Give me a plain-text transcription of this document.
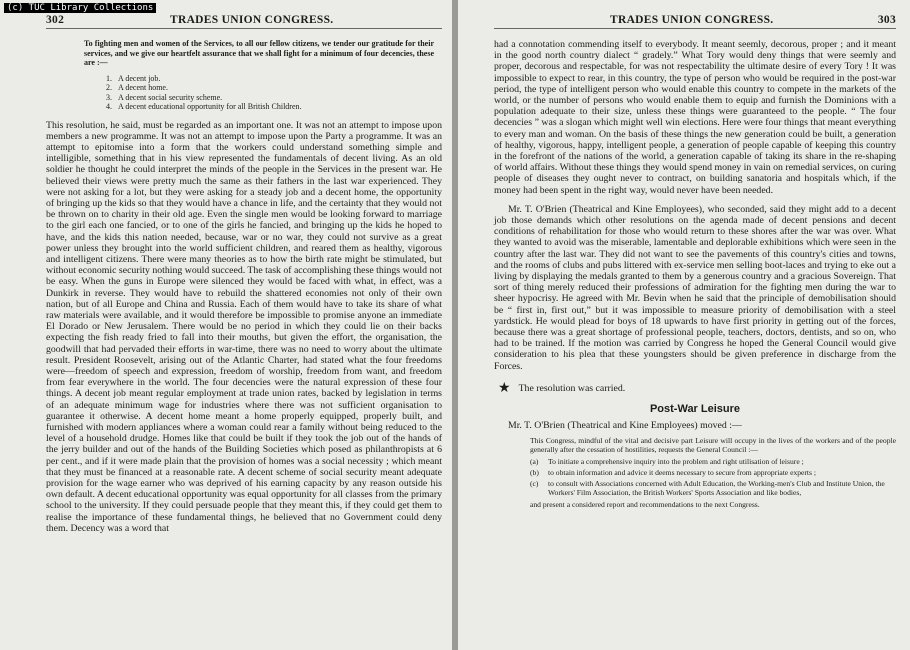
(c) TUC Library Collections
302	TRADES UNION CONGRESS.
To fighting men and women of the Services, to all our fellow citizens, we tender our gratitude for their services, and we give our heartfelt assurance that we shall fight for a minimum of four decencies, these are :—
1. A decent job.
2. A decent home.
3. A decent social security scheme.
4. A decent educational opportunity for all British Children.

This resolution, he said, must be regarded as an important one. It was not an attempt to impose upon members a new programme. It was not an attempt to impose upon the Party a programme. It was an attempt to epitomise into a form that the workers could understand something simple and intelligible, something that in his view represented the fundamentals of decent living. As an old soldier he thought he could interpret the minds of the people in the Services in the present war. He believed their views were pretty much the same as their fathers in the last war experienced. They were not asking for a lot, but they were asking for a steady job and a decent home, the opportunity of bringing up the kids so that they would have a chance in life, and the certainty that they would not be thrown on to charity in their old age. Even the single men would be looking forward to marriage to the girl each one fancied, or to one of the girls he fancied, and bringing up the kids he hoped to have, and the kids this nation needed, because, war or no war, they could not survive as a great power unless they brought into the world sufficient children, and reared them as healthy, vigorous and intelligent citizens. There were many theories as to how the birth rate might be stimulated, but without economic security nothing would succeed. The task of accomplishing these things would not be easy. When the guns in Europe were silenced they would be faced with what, in effect, was a Dunkirk in reverse. They would have to rebuild the shattered economies not only of their own nation, but of all Europe and China and Russia. Each of them would have to take its share of what raw materials were available, and it would therefore be impossible to promise anyone an immediate El Dorado or New Jerusalem. There would be no period in which they could lie on their backs expecting the fish ready fried to fall into their mouths, but given the effort, the organisation, the goodwill that had pervaded their efforts in war-time, there was no need to worry about the ultimate result. President Roosevelt, arising out of the Atlantic Charter, had stated what the four freedoms were—freedom of speech and expression, freedom of worship, freedom from want, and freedom from fear everywhere in the world. The four decencies were the natural expression of these four things. A decent job meant regular employment at trade union rates, backed by legislation in terms of an adequate minimum wage for industries where there was not sufficient organisation to guarantee it otherwise. A decent home meant a home properly equipped, properly built, and furnished with modern appliances where a woman could rear a family without being reduced to the level of a household drudge. Homes like that could be built if they took the job out of the hands of the jerry builder and out of the hands of the Building Societies which posed as philanthropists at 6 per cent., and if it were made plain that the provision of homes was a social necessity ; which meant that they must be financed at a reasonable rate. A decent scheme of social security meant adequate provision for the wage earner who was deprived of his earning capacity by any reason outside his own default. A decent educational opportunity was equal opportunity for all classes from the primary school to the university. If they could persuade people that they meant this, if they could get them to realise the importance of these fundamental things, he believed that no Government could deny them. Decency was a word that

TRADES UNION CONGRESS.	303

had a connotation commending itself to everybody. It meant seemly, decorous, proper ; and it meant in the good north country dialect “ gradely.” What Tory would deny things that were seemly and proper, decorous and respectable, for was not respectability the ultimate desire of every Tory ! It was impossible to expect to rear, in this country, the type of person who would be required in the post-war period, the type of intelligent person who would enable this country to compete in the markets of the world, or the number of persons who would enable them to equip and furnish the Dominions with a population adequate to their size, unless these things were guaranteed to the people. “ The four decencies ” was a slogan which might well win elections. Here were four things that meant everything to every man and woman. On the basis of these things the new generation could be built, a generation of healthy, vigorous, happy, intelligent people, a generation of people capable of keeping this country in the forefront of the nations of the world, a generation capable of taking its share in the re-shaping of world affairs. Without these things they would spend money in vain on remedial services, on curing people of diseases they ought never to contract, on building sanatoria and hospitals which, if the money had been spent in the right way, would never have been needed.

Mr. T. O'Brien (Theatrical and Kine Employees), who seconded, said they might add to a decent job those demands which other resolutions on the agenda made of decent pensions and decent conditions of rehabilitation for those who would return to these shores after the war was over. What they wanted to avoid was the miserable, lamentable and deplorable exhibitions which were seen in the country after the last war. They did not want to see the pavements of this country's cities and towns, and the rooms of clubs and pubs littered with ex-service men selling boot-laces and trying to eke out a living by displaying the medals granted to them by a generous country and a gracious Sovereign. That sort of thing merely reduced their professions of admiration for the fighting men during the war to sheer hypocrisy. He agreed with Mr. Bevin when he said that the principle of demobilisation should be “ first in, first out,” but it was impossible to measure priority of demobilisation with a steel yardstick. He would plead for boys of 18 upwards to have first priority in getting out of the forces, because there was a great shortage of professional people, teachers, doctors, dentists, and so on, who had to be trained. If the motion was carried by Congress he hoped the General Council would give consideration to his plea that these youngsters should be given preference in discharge from the Forces.

★ The resolution was carried.
Post-War Leisure
Mr. T. O'Brien (Theatrical and Kine Employees) moved :—
This Congress, mindful of the vital and decisive part Leisure will occupy in the lives of the workers and of the people generally after the cessation of hostilities, requests the General Council :—
(a)	To initiate a comprehensive inquiry into the problem and right utilisation of leisure ;
(b)	to obtain information and advice it deems necessary to secure from appropriate experts ;
(c)	to consult with Associations concerned with Adult Education, the Working-men's Club and Institute Union, the Workers' Film Association, the British Workers' Sports Association and like bodies,
and present a considered report and recommendations to the next Congress.
